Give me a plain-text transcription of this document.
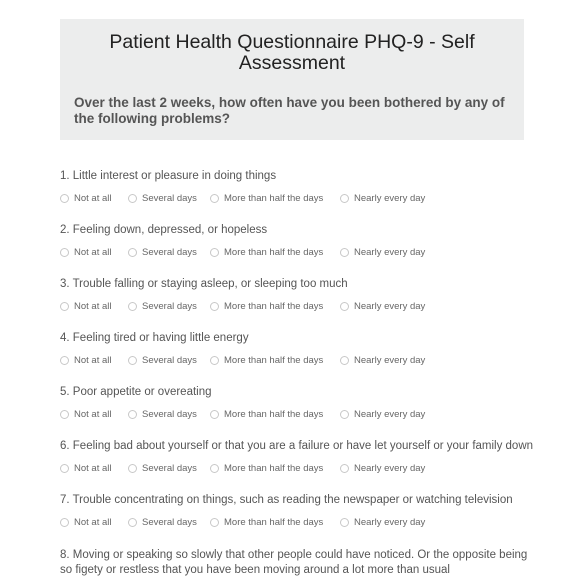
Patient Health Questionnaire PHQ-9 - Self Assessment

Over the last 2 weeks, how often have you been bothered by any of the following problems?

1. Little interest or pleasure in doing things

Not at all	Several days	More than half the days	Nearly every day

2. Feeling down, depressed, or hopeless

Not at all	Several days	More than half the days	Nearly every day

3. Trouble falling or staying asleep, or sleeping too much

Not at all	Several days	More than half the days	Nearly every day

4. Feeling tired or having little energy

Not at all	Several days	More than half the days	Nearly every day

5. Poor appetite or overeating

Not at all	Several days	More than half the days	Nearly every day

6. Feeling bad about yourself or that you are a failure or have let yourself or your family down

Not at all	Several days	More than half the days	Nearly every day

7. Trouble concentrating on things, such as reading the newspaper or watching television

Not at all	Several days	More than half the days	Nearly every day

8. Moving or speaking so slowly that other people could have noticed. Or the opposite being so figety or restless that you have been moving around a lot more than usual
